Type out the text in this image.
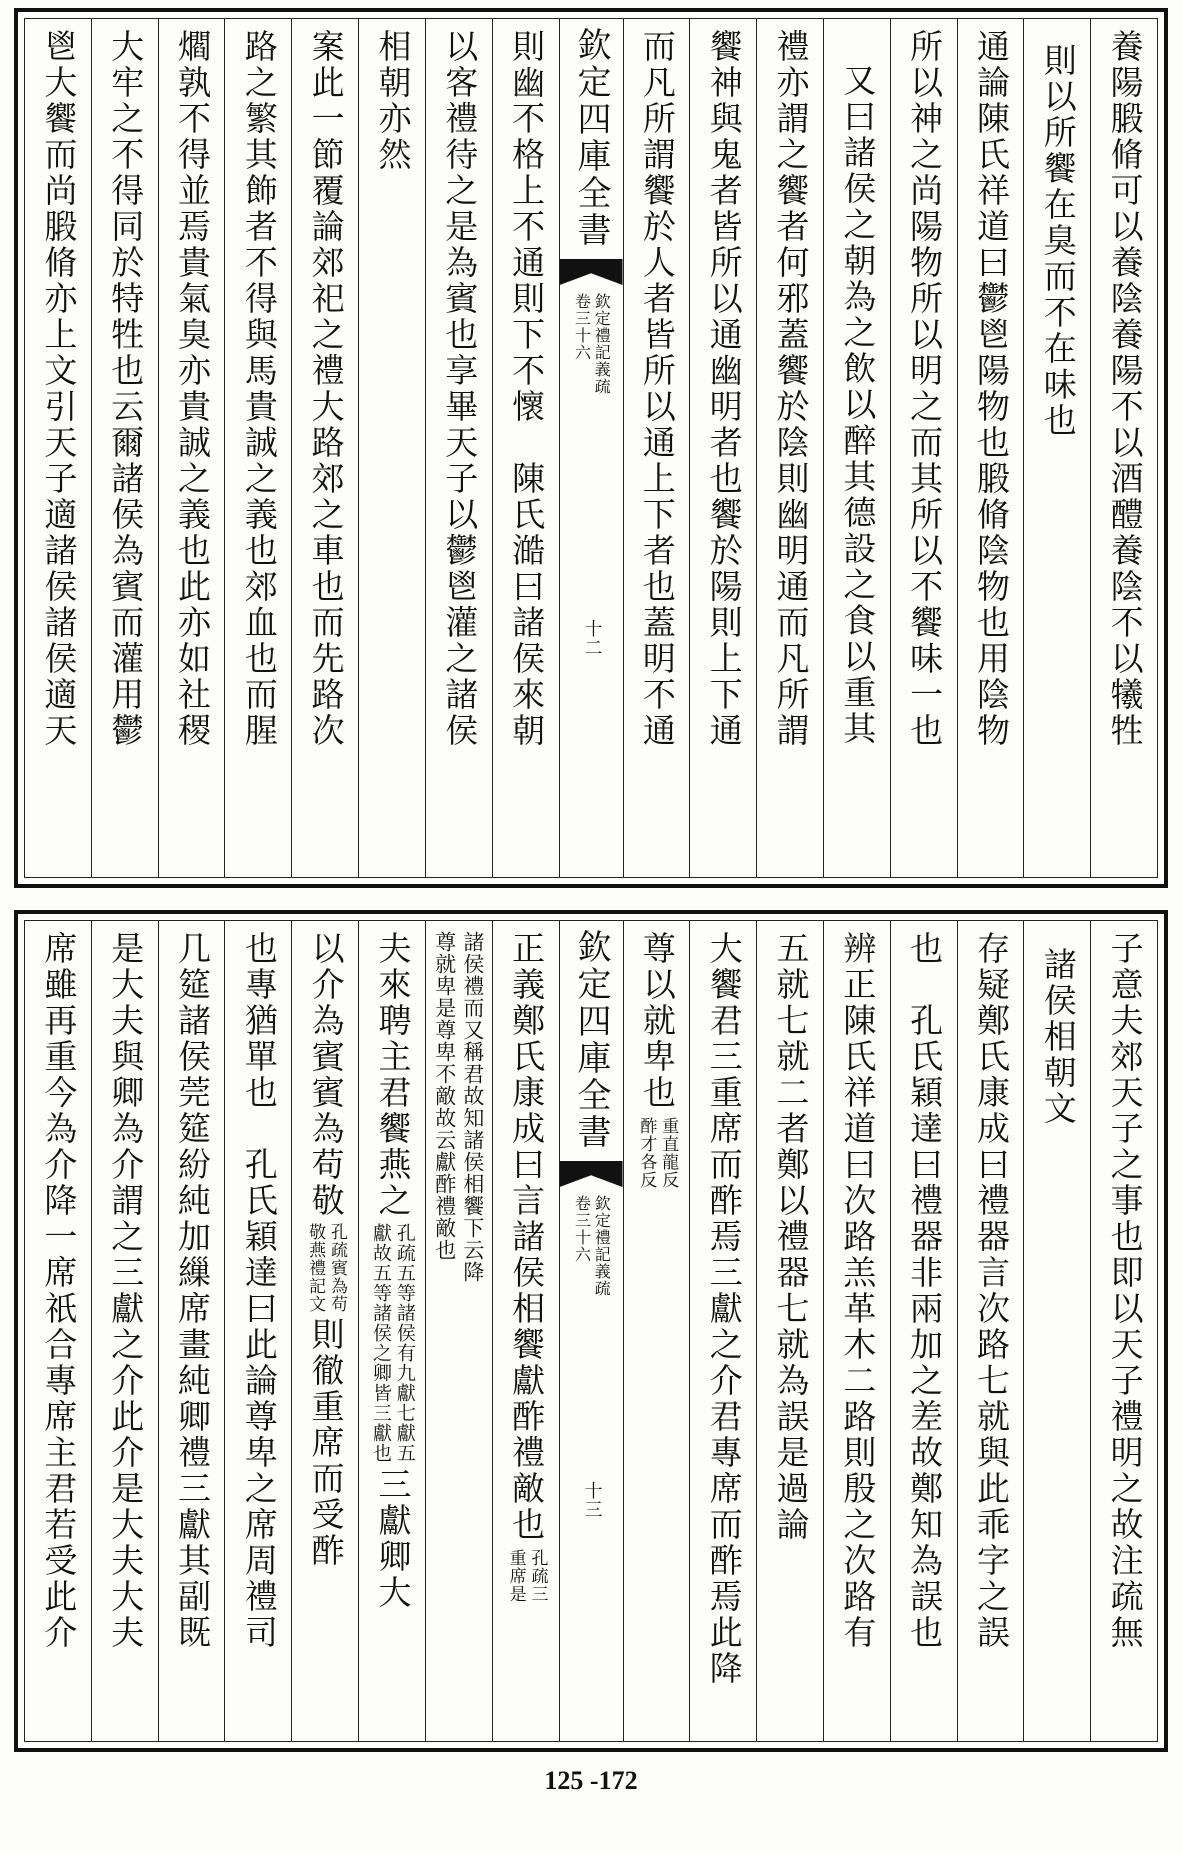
養陽腶脩可以養陰養陽不以酒醴養陰不以犧牲
則以所饗在臭而不在味也
通論陳氏祥道曰鬱鬯陽物也腶脩陰物也用陰物
所以神之尚陽物所以明之而其所以不饗味一也
又曰諸侯之朝為之飲以醉其德設之食以重其
禮亦謂之饗者何邪蓋饗於陰則幽明通而凡所謂
饗神與鬼者皆所以通幽明者也饗於陽則上下通
而凡所謂饗於人者皆所以通上下者也蓋明不通
欽定四庫全書
欽定禮記義疏
卷三十六
十二
則幽不格上不通則下不懷　陳氏澔曰諸侯來朝
以客禮待之是為賓也享畢天子以鬱鬯灌之諸侯
相朝亦然
案此一節覆論郊祀之禮大路郊之車也而先路次
路之繁其飾者不得與馬貴誠之義也郊血也而腥
爓孰不得並焉貴氣臭亦貴誠之義也此亦如社稷
大牢之不得同於特牲也云爾諸侯為賓而灌用鬱
鬯大饗而尚腶脩亦上文引天子適諸侯諸侯適天
子意夫郊天子之事也即以天子禮明之故注疏無
諸侯相朝文
存疑鄭氏康成曰禮器言次路七就與此乖字之誤
也　孔氏穎達曰禮器非兩加之差故鄭知為誤也
辨正陳氏祥道曰次路羔革木二路則殷之次路有
五就七就二者鄭以禮器七就為誤是過論
大饗君三重席而酢焉三獻之介君專席而酢焉此降
尊以就卑也
重直龍反
酢才各反
欽定四庫全書
欽定禮記義疏
卷三十六
十三
正義鄭氏康成曰言諸侯相饗獻酢禮敵也
孔疏三
重席是
諸侯禮而又稱君故知諸侯相饗下云降
尊就卑是尊卑不敵故云獻酢禮敵也
夫來聘主君饗燕之
孔疏五等諸侯有九獻七獻五
獻故五等諸侯之卿皆三獻也
三獻卿大
以介為賓賓為苟敬
孔疏賓為苟
敬燕禮記文
則徹重席而受酢
也專猶單也　孔氏穎達曰此論尊卑之席周禮司
几筵諸侯莞筵紛純加繅席畫純卿禮三獻其副既
是大夫與卿為介謂之三獻之介此介是大夫大夫
席雖再重今為介降一席祇合專席主君若受此介
125 -172
